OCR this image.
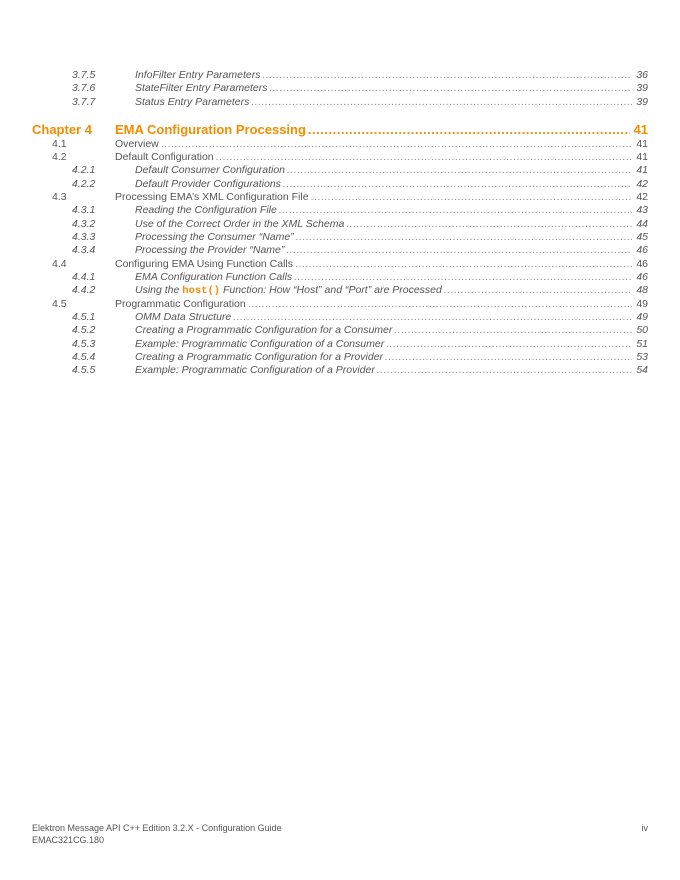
3.7.5	InfoFilter Entry Parameters .....	36
3.7.6	StateFilter Entry Parameters .....	39
3.7.7	Status Entry Parameters .....	39
Chapter 4 EMA Configuration Processing .....	41
4.1	Overview .....	41
4.2	Default Configuration .....	41
4.2.1	Default Consumer Configuration .....	41
4.2.2	Default Provider Configurations .....	42
4.3	Processing EMA’s XML Configuration File .....	42
4.3.1	Reading the Configuration File .....	43
4.3.2	Use of the Correct Order in the XML Schema .....	44
4.3.3	Processing the Consumer “Name” .....	45
4.3.4	Processing the Provider “Name” .....	46
4.4	Configuring EMA Using Function Calls .....	46
4.4.1	EMA Configuration Function Calls .....	46
4.4.2	Using the host() Function: How “Host” and “Port” are Processed .....	48
4.5	Programmatic Configuration .....	49
4.5.1	OMM Data Structure .....	49
4.5.2	Creating a Programmatic Configuration for a Consumer .....	50
4.5.3	Example: Programmatic Configuration of a Consumer .....	51
4.5.4	Creating a Programmatic Configuration for a Provider .....	53
4.5.5	Example: Programmatic Configuration of a Provider .....	54
Elektron Message API C++ Edition 3.2.X - Configuration Guide
EMAC321CG.180
iv
